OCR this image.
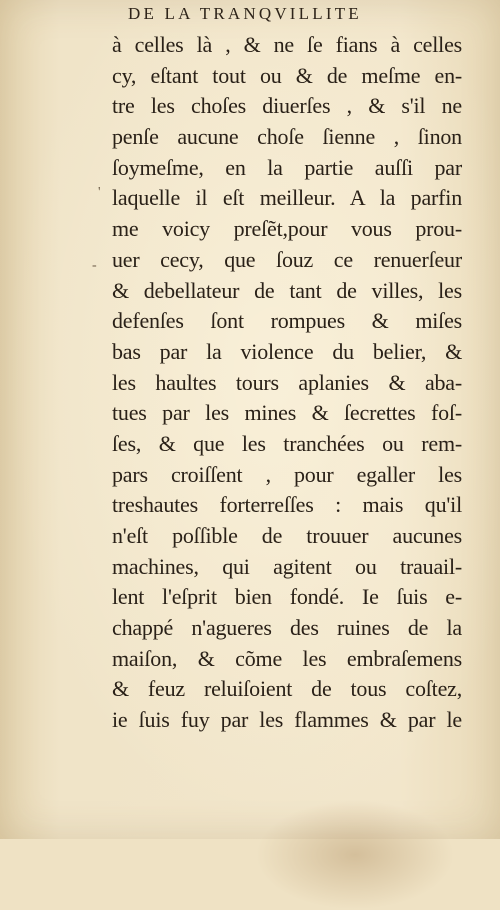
DE LA TRANQVILLITE
'
-
à celles là , & ne ſe fians à celles
cy, eſtant tout ou & de meſme en-
tre les choſes diuerſes , & s'il ne
penſe aucune choſe ſienne , ſinon
ſoymeſme, en la partie auſſi par
laquelle il eſt meilleur. A la parfin
me voicy preſẽt,pour vous prou-
uer cecy, que ſouz ce renuerſeur
& debellateur de tant de villes, les
defenſes ſont rompues & miſes
bas par la violence du belier, &
les haultes tours aplanies & aba-
tues par les mines & ſecrettes foſ-
ſes, & que les tranchées ou rem-
pars croiſſent , pour egaller les
treshautes forterreſſes : mais qu'il
n'eſt poſſible de trouuer aucunes
machines, qui agitent ou trauail-
lent l'eſprit bien fondé. Ie ſuis e-
chappé n'agueres des ruines de la
maiſon, & cõme les embraſemens
& feuz reluiſoient de tous coſtez,
ie ſuis fuy par les flammes & par le
